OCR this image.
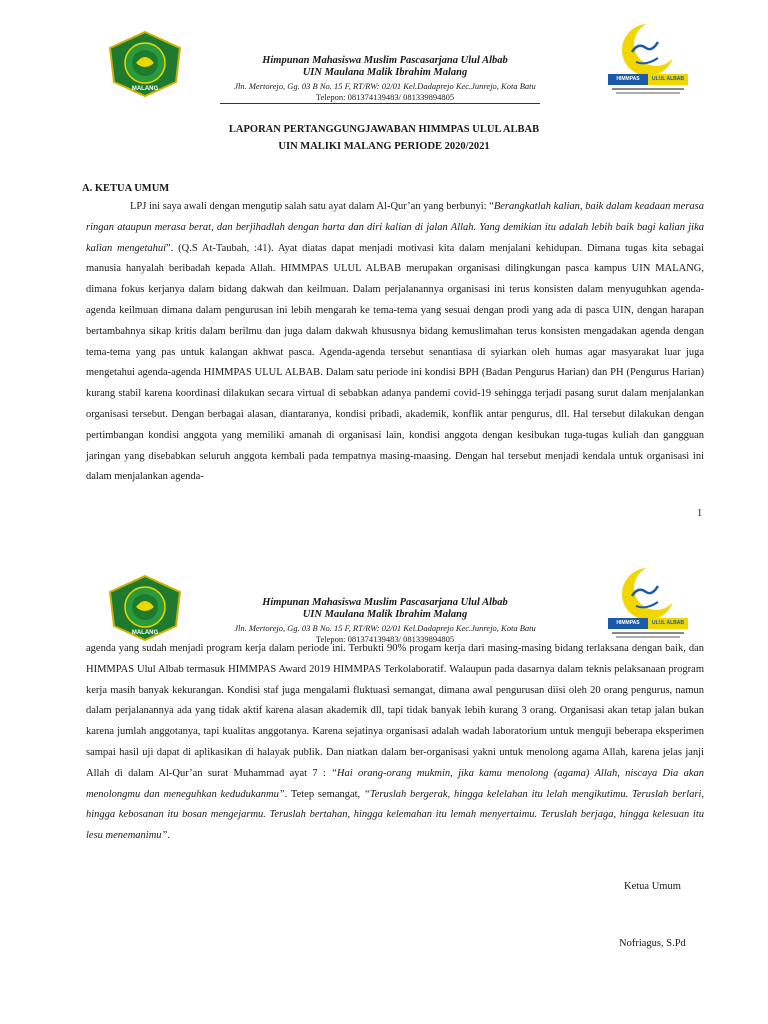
MALANG
Himpunan Mahasiswa Muslim Pascasarjana Ulul Albab
UIN Maulana Malik Ibrahim Malang
Jln. Mertorejo, Gg. 03 B No. 15 F, RT/RW: 02/01 Kel.Dadaprejo Kec.Junrejo, Kota Batu
Telepon: 081374139483/ 081339894805
HIMMPAS	ULUL ALBAB
LAPORAN PERTANGGUNGJAWABAN HIMMPAS ULUL ALBAB
UIN MALIKI MALANG PERIODE 2020/2021
A. KETUA UMUM
LPJ ini saya awali dengan mengutip salah satu ayat dalam Al-Qur’an yang berbunyi: “Berangkatlah kalian, baik dalam keadaan merasa ringan ataupun merasa berat, dan berjihadlah dengan harta dan diri kalian di jalan Allah. Yang demikian itu adalah lebih baik bagi kalian jika kalian mengetahui”. (Q.S At-Taubah, :41). Ayat diatas dapat menjadi motivasi kita dalam menjalani kehidupan. Dimana tugas kita sebagai manusia hanyalah beribadah kepada Allah. HIMMPAS ULUL ALBAB merupakan organisasi dilingkungan pasca kampus UIN MALANG, dimana fokus kerjanya dalam bidang dakwah dan keilmuan. Dalam perjalanannya organisasi ini terus konsisten dalam menyuguhkan agenda-agenda keilmuan dimana dalam pengurusan ini lebih mengarah ke tema-tema yang sesuai dengan prodi yang ada di pasca UIN, dengan harapan bertambahnya sikap kritis dalam berilmu dan juga dalam dakwah khususnya bidang kemuslimahan terus konsisten mengadakan agenda dengan tema-tema yang pas untuk kalangan akhwat pasca. Agenda-agenda tersebut senantiasa di syiarkan oleh humas agar masyarakat luar juga mengetahui agenda-agenda HIMMPAS ULUL ALBAB. Dalam satu periode ini kondisi BPH (Badan Pengurus Harian) dan PH (Pengurus Harian) kurang stabil karena koordinasi dilakukan secara virtual di sebabkan adanya pandemi covid-19 sehingga terjadi pasang surut dalam menjalankan organisasi tersebut. Dengan berbagai alasan, diantaranya, kondisi pribadi, akademik, konflik antar pengurus, dll. Hal tersebut dilakukan dengan pertimbangan kondisi anggota yang memiliki amanah di organisasi lain, kondisi anggota dengan kesibukan tuga-tugas kuliah dan gangguan jaringan yang disebabkan seluruh anggota kembali pada tempatnya masing-maasing. Dengan hal tersebut menjadi kendala untuk organisasi ini dalam menjalankan agenda-
1
MALANG
Himpunan Mahasiswa Muslim Pascasarjana Ulul Albab
UIN Maulana Malik Ibrahim Malang
Jln. Mertorejo, Gg. 03 B No. 15 F, RT/RW: 02/01 Kel.Dadaprejo Kec.Junrejo, Kota Batu
Telepon: 081374139483/ 081339894805
HIMMPAS	ULUL ALBAB
agenda yang sudah menjadi program kerja dalam periode ini. Terbukti 90% progam kerja dari masing-masing bidang terlaksana dengan baik, dan HIMMPAS Ulul Albab termasuk HIMMPAS Award 2019 HIMMPAS Terkolaboratif. Walaupun pada dasarnya dalam teknis pelaksanaan program kerja masih banyak kekurangan. Kondisi staf juga mengalami fluktuasi semangat, dimana awal pengurusan diisi oleh 20 orang pengurus, namun dalam perjalanannya ada yang tidak aktif karena alasan akademik dll, tapi tidak banyak lebih kurang 3 orang. Organisasi akan tetap jalan bukan karena jumlah anggotanya, tapi kualitas anggotanya. Karena sejatinya organisasi adalah wadah laboratorium untuk menguji beberapa eksperimen sampai hasil uji dapat di aplikasikan di halayak publik. Dan niatkan dalam ber-organisasi yakni untuk menolong agama Allah, karena jelas janji Allah di dalam Al-Qur’an surat Muhammad ayat 7 : “Hai orang-orang mukmin, jika kamu menolong (agama) Allah, niscaya Dia akan menolongmu dan meneguhkan kedudukanmu”. Tetep semangat, “Teruslah bergerak, hingga kelelahan itu lelah mengikutimu. Teruslah berlari, hingga kebosanan itu bosan mengejarmu. Teruslah bertahan, hingga kelemahan itu lemah menyertaimu. Teruslah berjaga, hingga kelesuan itu lesu menemanimu”.
Ketua Umum
Nofriagus, S.Pd
